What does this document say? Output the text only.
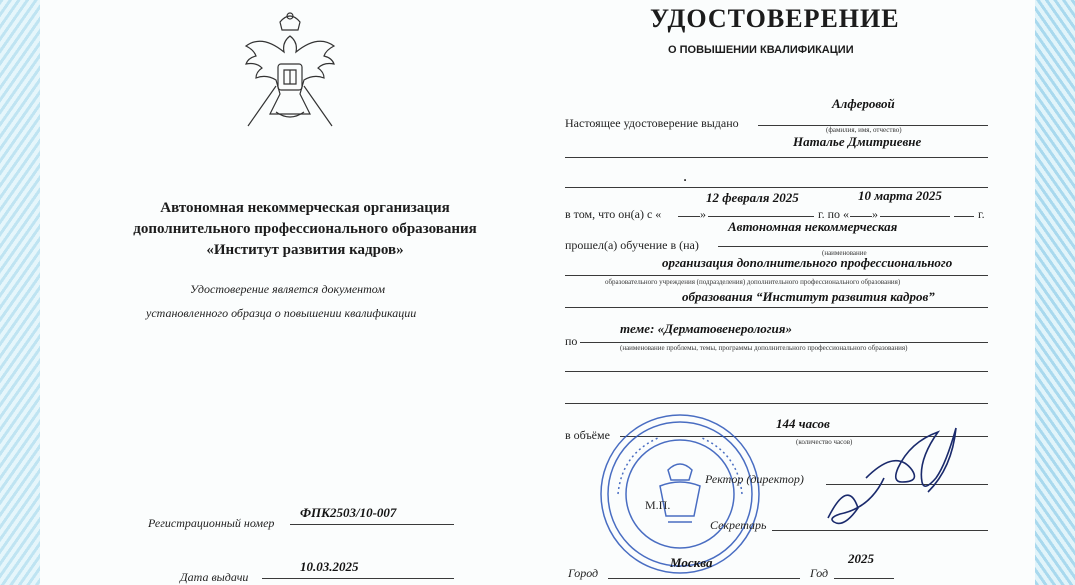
Автономная некоммерческая организация
дополнительного профессионального образования
«Институт развития кадров»
Удостоверение является документом
установленного образца о повышении квалификации
Регистрационный номер
ФПК2503/10-007
Дата выдачи
10.03.2025
УДОСТОВЕРЕНИЕ
О ПОВЫШЕНИИ КВАЛИФИКАЦИИ
Настоящее удостоверение выдано
Алферовой
(фамилия, имя, отчество)
Наталье Дмитриевне
.
в том, что он(а) с «	»	г. по « »	г.
12 февраля 2025	10 марта 2025
прошел(а) обучение в (на)
Автономная некоммерческая
(наименование
организация дополнительного профессионального
образовательного учреждения (подразделения) дополнительного профессионального образования)
образования “Институт развития кадров”
по
теме: «Дерматовенерология»
(наименование проблемы, темы, программы дополнительного профессионального образования)
в объёме
144 часов
(количество часов)
М.П.
Ректор (директор)
Секретарь
Город
Москва
Год
2025
